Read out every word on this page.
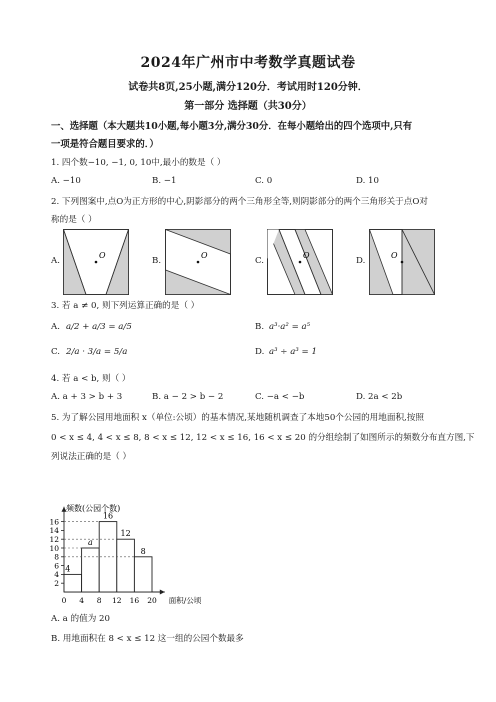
2024年广州市中考数学真题试卷
试卷共8页,25小题,满分120分．考试用时120分钟．
第一部分 选择题（共30分）
一、选择题（本大题共10小题,每小题3分,满分30分．在每小题给出的四个选项中,只有
一项是符合题目要求的．）
1. 四个数−10, −1, 0, 10中,最小的数是（ ）
A. −10	B. −1	C. 0	D. 10
2. 下列图案中,点O为正方形的中心,阴影部分的两个三角形全等,则阴影部分的两个三角形关于点O对
称的是（ ）
A.
O
B.
O
C.
O
D.
O
3. 若 a ≠ 0, 则下列运算正确的是（ ）
A. a/2 + a/3 = a/5	B. a³·a² = a⁵
C. 2/a · 3/a = 5/a	D. a³ ÷ a³ = 1
4. 若 a < b, 则（ ）
A. a + 3 > b + 3	B. a − 2 > b − 2	C. −a < −b	D. 2a < 2b
5. 为了解公园用地面积 x（单位:公顷）的基本情况,某地随机调查了本地50个公园的用地面积,按照
0 < x ≤ 4, 4 < x ≤ 8, 8 < x ≤ 12, 12 < x ≤ 16, 16 < x ≤ 20 的分组绘制了如图所示的频数分布直方图,下
列说法正确的是（ ）
频数(公园个数)
面积/公顷
2
4
6
8
10
12
14
16
0 4 8 12 16 20
4
a
16
12
8
A. a 的值为 20
B. 用地面积在 8 < x ≤ 12 这一组的公园个数最多
